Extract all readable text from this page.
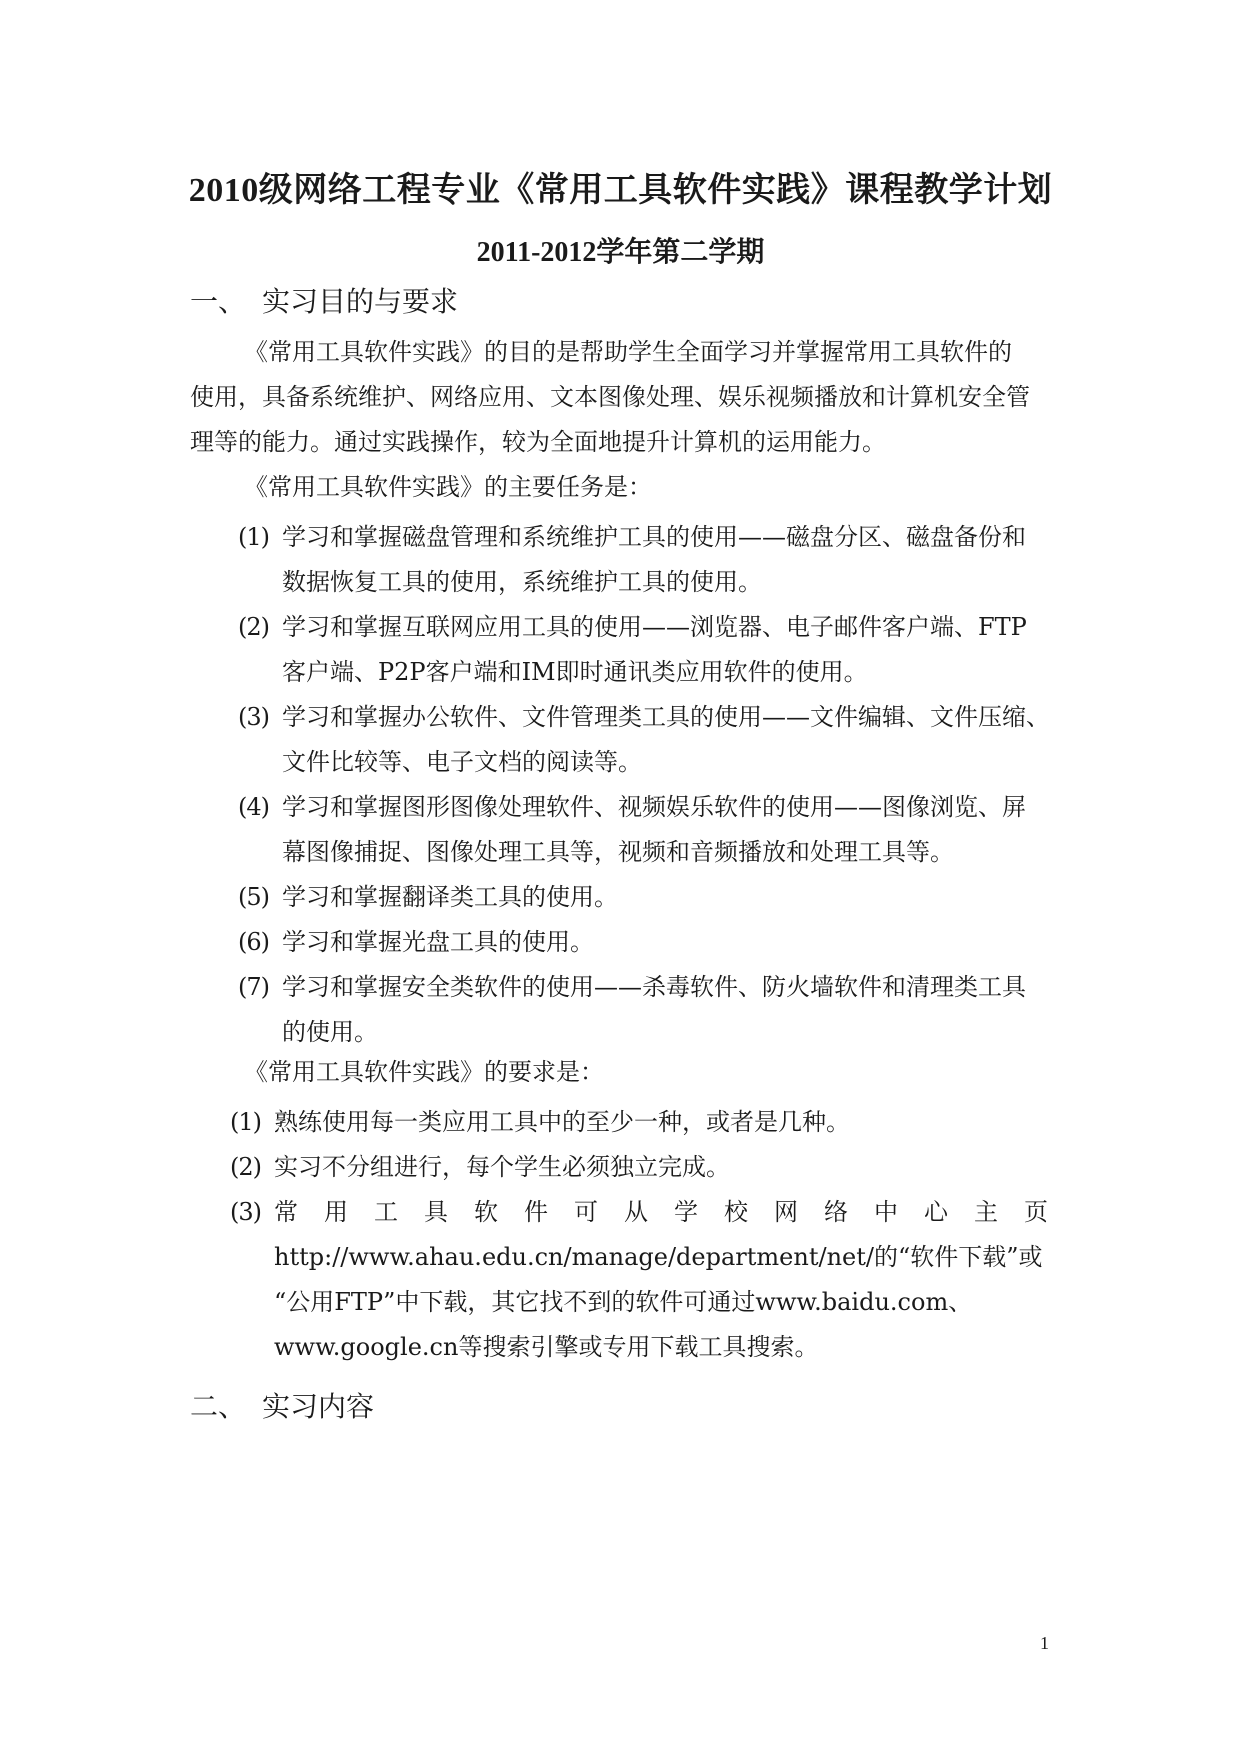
2010级网络工程专业《常用工具软件实践》课程教学计划
2011-2012学年第二学期
一、 实习目的与要求
《常用工具软件实践》的目的是帮助学生全面学习并掌握常用工具软件的
使用，具备系统维护、网络应用、文本图像处理、娱乐视频播放和计算机安全管
理等的能力。通过实践操作，较为全面地提升计算机的运用能力。
《常用工具软件实践》的主要任务是：
(1) 学习和掌握磁盘管理和系统维护工具的使用——磁盘分区、磁盘备份和
数据恢复工具的使用，系统维护工具的使用。
(2) 学习和掌握互联网应用工具的使用——浏览器、电子邮件客户端、FTP
客户端、P2P客户端和IM即时通讯类应用软件的使用。
(3) 学习和掌握办公软件、文件管理类工具的使用——文件编辑、文件压缩、
文件比较等、电子文档的阅读等。
(4) 学习和掌握图形图像处理软件、视频娱乐软件的使用——图像浏览、屏
幕图像捕捉、图像处理工具等，视频和音频播放和处理工具等。
(5) 学习和掌握翻译类工具的使用。
(6) 学习和掌握光盘工具的使用。
(7) 学习和掌握安全类软件的使用——杀毒软件、防火墙软件和清理类工具
的使用。
《常用工具软件实践》的要求是：
(1) 熟练使用每一类应用工具中的至少一种，或者是几种。
(2) 实习不分组进行，每个学生必须独立完成。
(3) 常用工具软件可从学校网络中心主页
http://www.ahau.edu.cn/manage/department/net/的“软件下载”或
“公用FTP”中下载，其它找不到的软件可通过www.baidu.com、
www.google.cn等搜索引擎或专用下载工具搜索。
二、 实习内容
1
